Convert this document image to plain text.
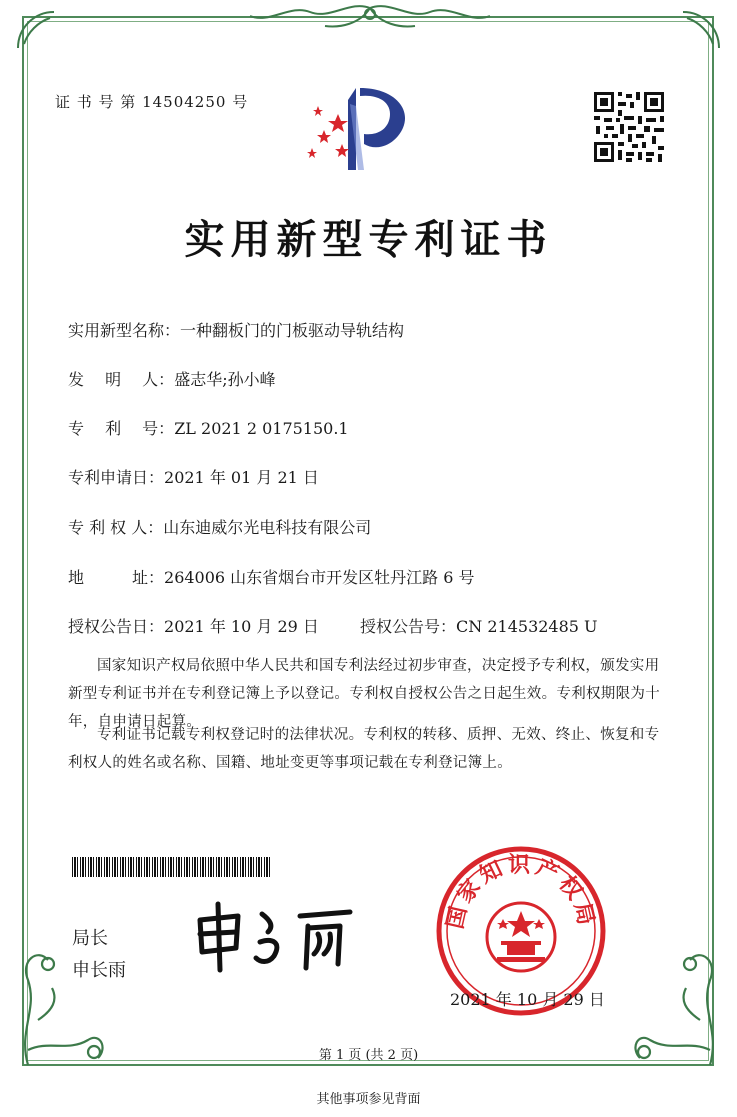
证 书 号 第 14504250 号
实用新型专利证书
实用新型名称：一种翻板门的门板驱动导轨结构
发　 明　 人：盛志华;孙小峰
专　 利　 号：ZL 2021 2 0175150.1
专利申请日：2021 年 01 月 21 日
专 利 权 人：山东迪威尔光电科技有限公司
地　　　址：264006 山东省烟台市开发区牡丹江路 6 号
授权公告日：2021 年 10 月 29 日	授权公告号：CN 214532485 U
国家知识产权局依照中华人民共和国专利法经过初步审查，决定授予专利权，颁发实用新型专利证书并在专利登记簿上予以登记。专利权自授权公告之日起生效。专利权期限为十年，自申请日起算。
专利证书记载专利权登记时的法律状况。专利权的转移、质押、无效、终止、恢复和专利权人的姓名或名称、国籍、地址变更等事项记载在专利登记簿上。
局长
申长雨
国家知识产权局
2021 年 10 月 29 日
第 1 页 (共 2 页)
其他事项参见背面
